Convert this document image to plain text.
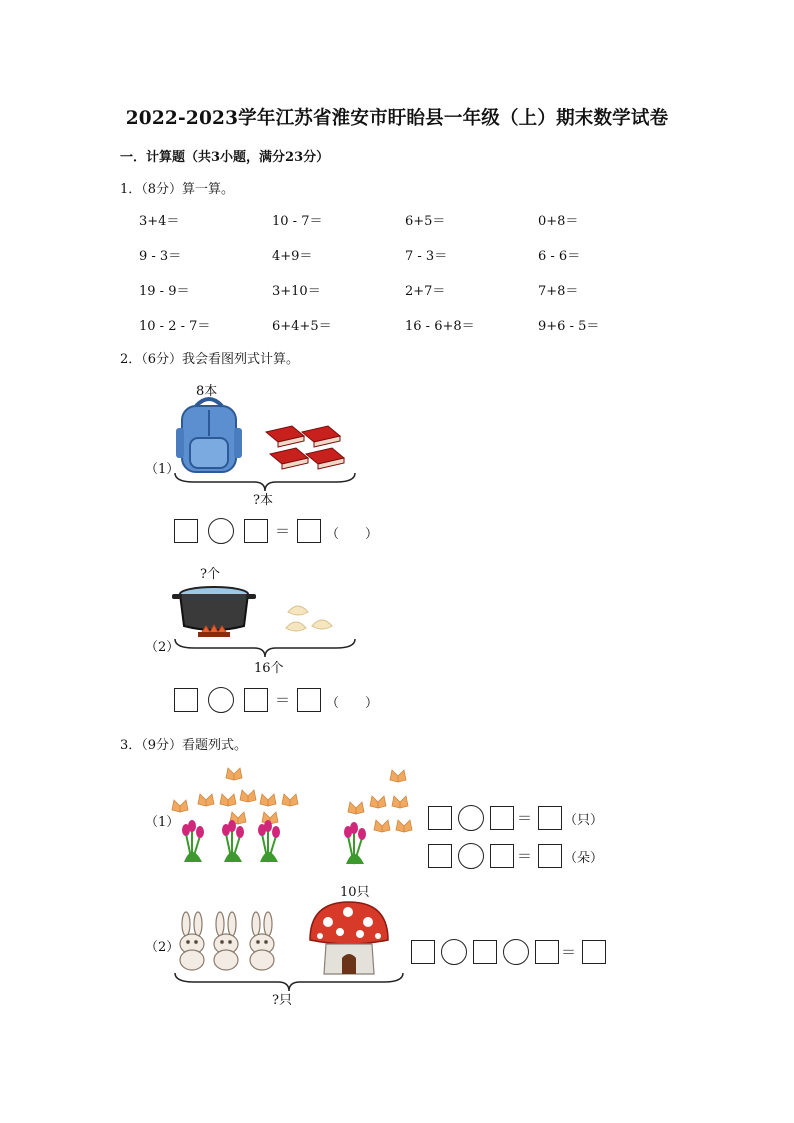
2022-2023学年江苏省淮安市盱眙县一年级（上）期末数学试卷
一．计算题（共3小题，满分23分）
1．（8分）算一算。
3+4＝	10 - 7＝	6+5＝	0+8＝
9 - 3＝	4+9＝	7 - 3＝	6 - 6＝
19 - 9＝	3+10＝	2+7＝	7+8＝
10 - 2 - 7＝	6+4+5＝	16 - 6+8＝	9+6 - 5＝
2．（6分）我会看图列式计算。
（1）
8本
?本
＝	（　　）
（2）
?个
16个
＝	（　　）
3．（9分）看题列式。
（1）	＝ （只）
＝ （朵）
（2）
10只
?只
＝
